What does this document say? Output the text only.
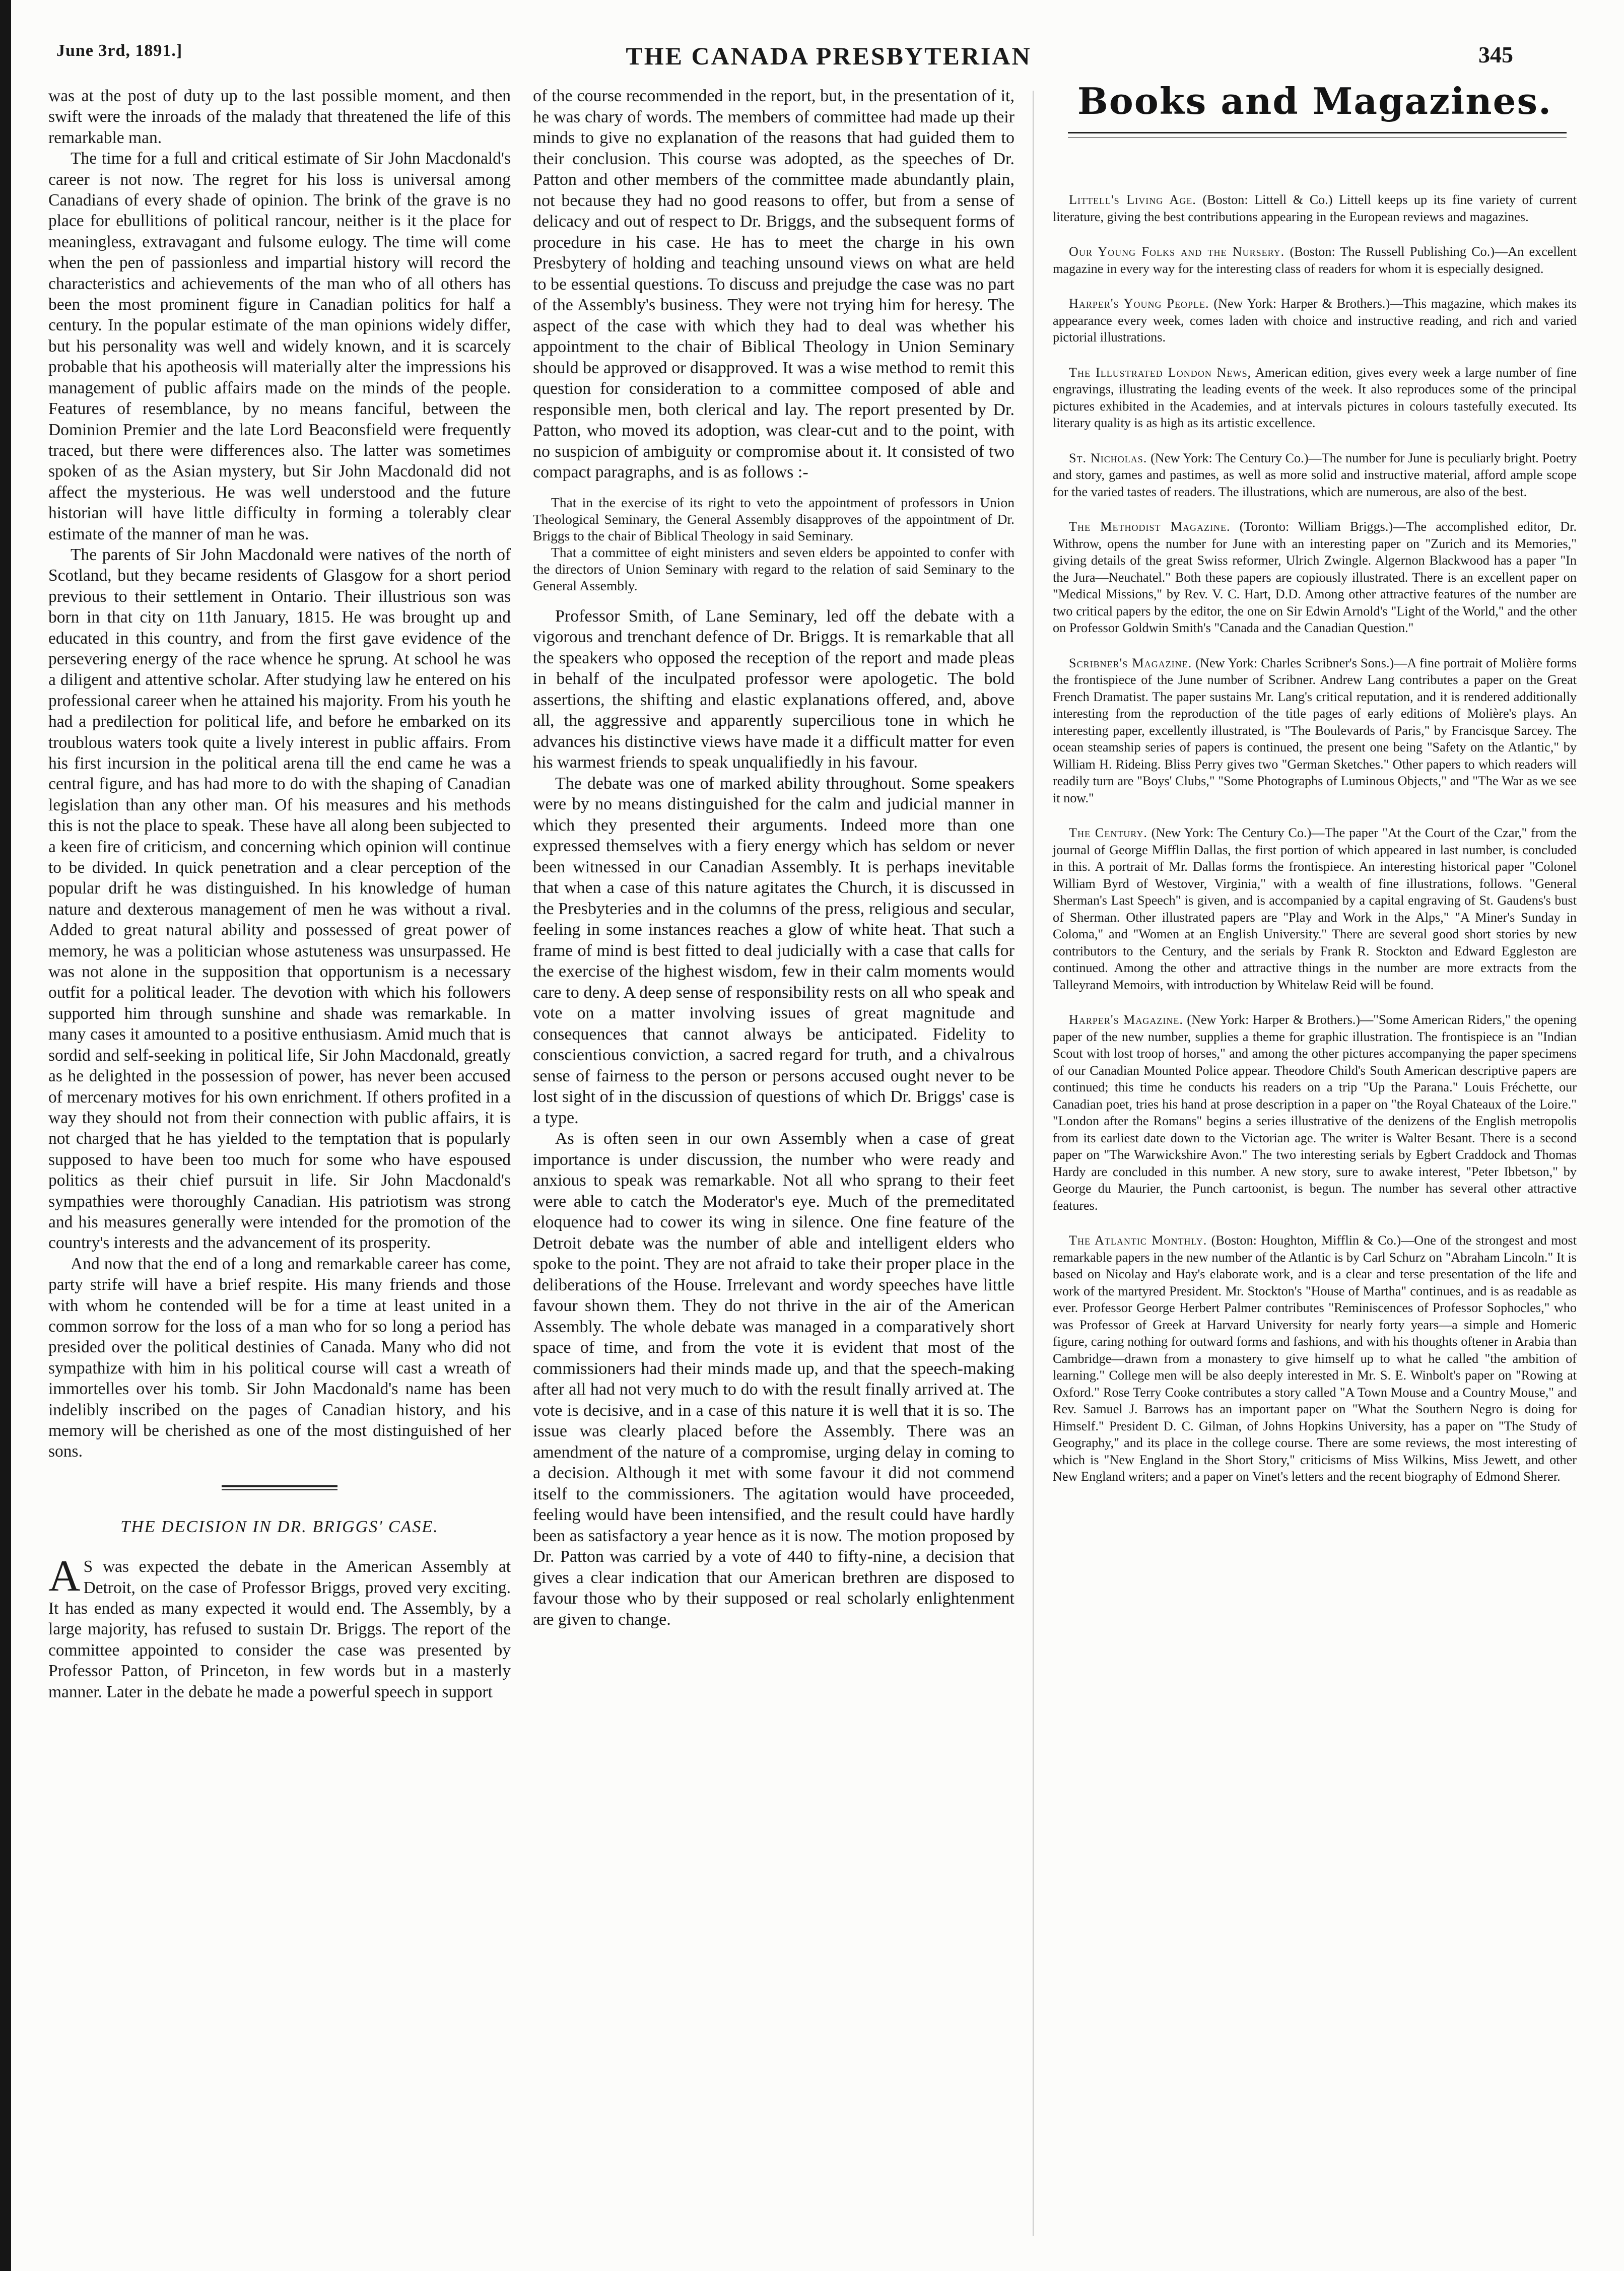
June 3rd, 1891.]	THE CANADA PRESBYTERIAN	345

was at the post of duty up to the last possible moment, and then swift were the inroads of the malady that threatened the life of this remarkable man.

The time for a full and critical estimate of Sir John Macdonald's career is not now. The regret for his loss is universal among Canadians of every shade of opinion. The brink of the grave is no place for ebullitions of political rancour, neither is it the place for meaningless, extravagant and fulsome eulogy. The time will come when the pen of passionless and impartial history will record the characteristics and achievements of the man who of all others has been the most prominent figure in Canadian politics for half a century. In the popular estimate of the man opinions widely differ, but his personality was well and widely known, and it is scarcely probable that his apotheosis will materially alter the impressions his management of public affairs made on the minds of the people. Features of resemblance, by no means fanciful, between the Dominion Premier and the late Lord Beaconsfield were frequently traced, but there were differences also. The latter was sometimes spoken of as the Asian mystery, but Sir John Macdonald did not affect the mysterious. He was well understood and the future historian will have little difficulty in forming a tolerably clear estimate of the manner of man he was.

The parents of Sir John Macdonald were natives of the north of Scotland, but they became residents of Glasgow for a short period previous to their settlement in Ontario. Their illustrious son was born in that city on 11th January, 1815. He was brought up and educated in this country, and from the first gave evidence of the persevering energy of the race whence he sprung. At school he was a diligent and attentive scholar. After studying law he entered on his professional career when he attained his majority. From his youth he had a predilection for political life, and before he embarked on its troublous waters took quite a lively interest in public affairs. From his first incursion in the political arena till the end came he was a central figure, and has had more to do with the shaping of Canadian legislation than any other man. Of his measures and his methods this is not the place to speak. These have all along been subjected to a keen fire of criticism, and concerning which opinion will continue to be divided. In quick penetration and a clear perception of the popular drift he was distinguished. In his knowledge of human nature and dexterous management of men he was without a rival. Added to great natural ability and possessed of great power of memory, he was a politician whose astuteness was unsurpassed. He was not alone in the supposition that opportunism is a necessary outfit for a political leader. The devotion with which his followers supported him through sunshine and shade was remarkable. In many cases it amounted to a positive enthusiasm. Amid much that is sordid and self-seeking in political life, Sir John Macdonald, greatly as he delighted in the possession of power, has never been accused of mercenary motives for his own enrichment. If others profited in a way they should not from their connection with public affairs, it is not charged that he has yielded to the temptation that is popularly supposed to have been too much for some who have espoused politics as their chief pursuit in life. Sir John Macdonald's sympathies were thoroughly Canadian. His patriotism was strong and his measures generally were intended for the promotion of the country's interests and the advancement of its prosperity.

And now that the end of a long and remarkable career has come, party strife will have a brief respite. His many friends and those with whom he contended will be for a time at least united in a common sorrow for the loss of a man who for so long a period has presided over the political destinies of Canada. Many who did not sympathize with him in his political course will cast a wreath of immortelles over his tomb. Sir John Macdonald's name has been indelibly inscribed on the pages of Canadian history, and his memory will be cherished as one of the most distinguished of her sons.

THE DECISION IN DR. BRIGGS' CASE.

A S was expected the debate in the American Assembly at Detroit, on the case of Professor Briggs, proved very exciting. It has ended as many expected it would end. The Assembly, by a large majority, has refused to sustain Dr. Briggs. The report of the committee appointed to consider the case was presented by Professor Patton, of Princeton, in few words but in a masterly manner. Later in the debate he made a powerful speech in support

of the course recommended in the report, but, in the presentation of it, he was chary of words. The members of committee had made up their minds to give no explanation of the reasons that had guided them to their conclusion. This course was adopted, as the speeches of Dr. Patton and other members of the committee made abundantly plain, not because they had no good reasons to offer, but from a sense of delicacy and out of respect to Dr. Briggs, and the subsequent forms of procedure in his case. He has to meet the charge in his own Presbytery of holding and teaching unsound views on what are held to be essential questions. To discuss and prejudge the case was no part of the Assembly's business. They were not trying him for heresy. The aspect of the case with which they had to deal was whether his appointment to the chair of Biblical Theology in Union Seminary should be approved or disapproved. It was a wise method to remit this question for consideration to a committee composed of able and responsible men, both clerical and lay. The report presented by Dr. Patton, who moved its adoption, was clear-cut and to the point, with no suspicion of ambiguity or compromise about it. It consisted of two compact paragraphs, and is as follows :-

That in the exercise of its right to veto the appointment of professors in Union Theological Seminary, the General Assembly disapproves of the appointment of Dr. Briggs to the chair of Biblical Theology in said Seminary.

That a committee of eight ministers and seven elders be appointed to confer with the directors of Union Seminary with regard to the relation of said Seminary to the General Assembly.

Professor Smith, of Lane Seminary, led off the debate with a vigorous and trenchant defence of Dr. Briggs. It is remarkable that all the speakers who opposed the reception of the report and made pleas in behalf of the inculpated professor were apologetic. The bold assertions, the shifting and elastic explanations offered, and, above all, the aggressive and apparently supercilious tone in which he advances his distinctive views have made it a difficult matter for even his warmest friends to speak unqualifiedly in his favour.

The debate was one of marked ability throughout. Some speakers were by no means distinguished for the calm and judicial manner in which they presented their arguments. Indeed more than one expressed themselves with a fiery energy which has seldom or never been witnessed in our Canadian Assembly. It is perhaps inevitable that when a case of this nature agitates the Church, it is discussed in the Presbyteries and in the columns of the press, religious and secular, feeling in some instances reaches a glow of white heat. That such a frame of mind is best fitted to deal judicially with a case that calls for the exercise of the highest wisdom, few in their calm moments would care to deny. A deep sense of responsibility rests on all who speak and vote on a matter involving issues of great magnitude and consequences that cannot always be anticipated. Fidelity to conscientious conviction, a sacred regard for truth, and a chivalrous sense of fairness to the person or persons accused ought never to be lost sight of in the discussion of questions of which Dr. Briggs' case is a type.

As is often seen in our own Assembly when a case of great importance is under discussion, the number who were ready and anxious to speak was remarkable. Not all who sprang to their feet were able to catch the Moderator's eye. Much of the premeditated eloquence had to cower its wing in silence. One fine feature of the Detroit debate was the number of able and intelligent elders who spoke to the point. They are not afraid to take their proper place in the deliberations of the House. Irrelevant and wordy speeches have little favour shown them. They do not thrive in the air of the American Assembly. The whole debate was managed in a comparatively short space of time, and from the vote it is evident that most of the commissioners had their minds made up, and that the speech-making after all had not very much to do with the result finally arrived at. The vote is decisive, and in a case of this nature it is well that it is so. The issue was clearly placed before the Assembly. There was an amendment of the nature of a compromise, urging delay in coming to a decision. Although it met with some favour it did not commend itself to the commissioners. The agitation would have proceeded, feeling would have been intensified, and the result could have hardly been as satisfactory a year hence as it is now. The motion proposed by Dr. Patton was carried by a vote of 440 to fifty-nine, a decision that gives a clear indication that our American brethren are disposed to favour those who by their supposed or real scholarly enlightenment are given to change.

Books and Magazines.

Littell's Living Age. (Boston: Littell & Co.) Littell keeps up its fine variety of current literature, giving the best contributions appearing in the European reviews and magazines.

Our Young Folks and the Nursery. (Boston: The Russell Publishing Co.)—An excellent magazine in every way for the interesting class of readers for whom it is especially designed.

Harper's Young People. (New York: Harper & Brothers.)—This magazine, which makes its appearance every week, comes laden with choice and instructive reading, and rich and varied pictorial illustrations.

The Illustrated London News, American edition, gives every week a large number of fine engravings, illustrating the leading events of the week. It also reproduces some of the principal pictures exhibited in the Academies, and at intervals pictures in colours tastefully executed. Its literary quality is as high as its artistic excellence.

St. Nicholas. (New York: The Century Co.)—The number for June is peculiarly bright. Poetry and story, games and pastimes, as well as more solid and instructive material, afford ample scope for the varied tastes of readers. The illustrations, which are numerous, are also of the best.

The Methodist Magazine. (Toronto: William Briggs.)—The accomplished editor, Dr. Withrow, opens the number for June with an interesting paper on "Zurich and its Memories," giving details of the great Swiss reformer, Ulrich Zwingle. Algernon Blackwood has a paper "In the Jura—Neuchatel." Both these papers are copiously illustrated. There is an excellent paper on "Medical Missions," by Rev. V. C. Hart, D.D. Among other attractive features of the number are two critical papers by the editor, the one on Sir Edwin Arnold's "Light of the World," and the other on Professor Goldwin Smith's "Canada and the Canadian Question."

Scribner's Magazine. (New York: Charles Scribner's Sons.)—A fine portrait of Molière forms the frontispiece of the June number of Scribner. Andrew Lang contributes a paper on the Great French Dramatist. The paper sustains Mr. Lang's critical reputation, and it is rendered additionally interesting from the reproduction of the title pages of early editions of Molière's plays. An interesting paper, excellently illustrated, is "The Boulevards of Paris," by Francisque Sarcey. The ocean steamship series of papers is continued, the present one being "Safety on the Atlantic," by William H. Rideing. Bliss Perry gives two "German Sketches." Other papers to which readers will readily turn are "Boys' Clubs," "Some Photographs of Luminous Objects," and "The War as we see it now."

The Century. (New York: The Century Co.)—The paper "At the Court of the Czar," from the journal of George Mifflin Dallas, the first portion of which appeared in last number, is concluded in this. A portrait of Mr. Dallas forms the frontispiece. An interesting historical paper "Colonel William Byrd of Westover, Virginia," with a wealth of fine illustrations, follows. "General Sherman's Last Speech" is given, and is accompanied by a capital engraving of St. Gaudens's bust of Sherman. Other illustrated papers are "Play and Work in the Alps," "A Miner's Sunday in Coloma," and "Women at an English University." There are several good short stories by new contributors to the Century, and the serials by Frank R. Stockton and Edward Eggleston are continued. Among the other and attractive things in the number are more extracts from the Talleyrand Memoirs, with introduction by Whitelaw Reid will be found.

Harper's Magazine. (New York: Harper & Brothers.)—"Some American Riders," the opening paper of the new number, supplies a theme for graphic illustration. The frontispiece is an "Indian Scout with lost troop of horses," and among the other pictures accompanying the paper specimens of our Canadian Mounted Police appear. Theodore Child's South American descriptive papers are continued; this time he conducts his readers on a trip "Up the Parana." Louis Fréchette, our Canadian poet, tries his hand at prose description in a paper on "the Royal Chateaux of the Loire." "London after the Romans" begins a series illustrative of the denizens of the English metropolis from its earliest date down to the Victorian age. The writer is Walter Besant. There is a second paper on "The Warwickshire Avon." The two interesting serials by Egbert Craddock and Thomas Hardy are concluded in this number. A new story, sure to awake interest, "Peter Ibbetson," by George du Maurier, the Punch cartoonist, is begun. The number has several other attractive features.

The Atlantic Monthly. (Boston: Houghton, Mifflin & Co.)—One of the strongest and most remarkable papers in the new number of the Atlantic is by Carl Schurz on "Abraham Lincoln." It is based on Nicolay and Hay's elaborate work, and is a clear and terse presentation of the life and work of the martyred President. Mr. Stockton's "House of Martha" continues, and is as readable as ever. Professor George Herbert Palmer contributes "Reminiscences of Professor Sophocles," who was Professor of Greek at Harvard University for nearly forty years—a simple and Homeric figure, caring nothing for outward forms and fashions, and with his thoughts oftener in Arabia than Cambridge—drawn from a monastery to give himself up to what he called "the ambition of learning." College men will be also deeply interested in Mr. S. E. Winbolt's paper on "Rowing at Oxford." Rose Terry Cooke contributes a story called "A Town Mouse and a Country Mouse," and Rev. Samuel J. Barrows has an important paper on "What the Southern Negro is doing for Himself." President D. C. Gilman, of Johns Hopkins University, has a paper on "The Study of Geography," and its place in the college course. There are some reviews, the most interesting of which is "New England in the Short Story," criticisms of Miss Wilkins, Miss Jewett, and other New England writers; and a paper on Vinet's letters and the recent biography of Edmond Sherer.
